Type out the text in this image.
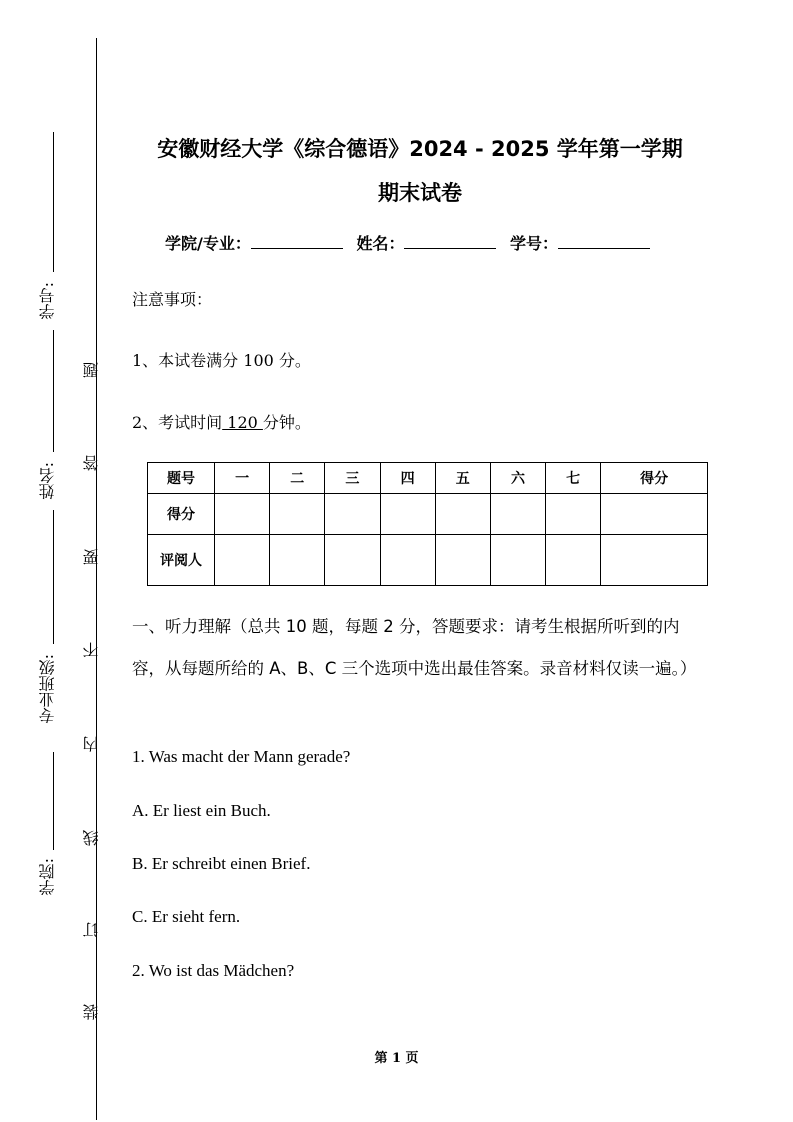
学号:
姓名:
专业班级:
学院:
题
答
要
不
内
线
订
装
安徽财经大学《综合德语》2024 - 2025 学年第一学期
期末试卷
学院/专业：	姓名：	学号：
注意事项：
1、本试卷满分 100 分。
2、考试时间 120 分钟。
题号	一	二	三	四	五	六	七	得分
得分								
评阅人								
一、听力理解（总共 10 题，每题 2 分，答题要求：请考生根据所听到的内容，从每题所给的 A、B、C 三个选项中选出最佳答案。录音材料仅读一遍。）
1. Was macht der Mann gerade?
A. Er liest ein Buch.
B. Er schreibt einen Brief.
C. Er sieht fern.
2. Wo ist das Mädchen?
第 1 页
